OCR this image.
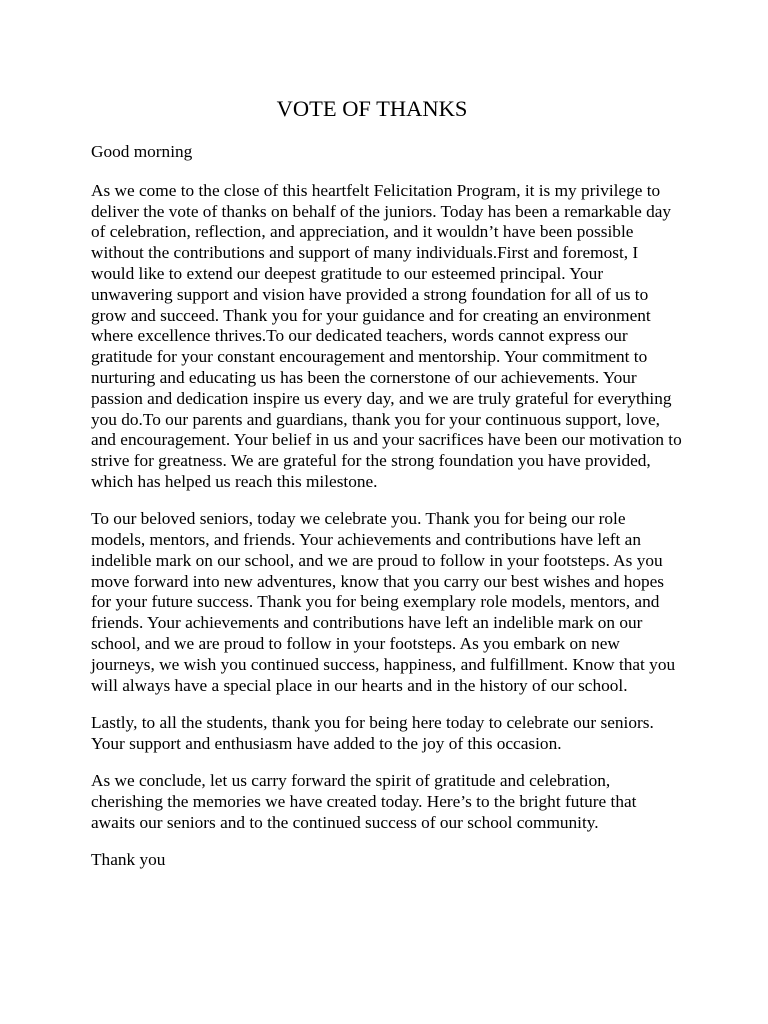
VOTE OF THANKS

Good morning

As we come to the close of this heartfelt Felicitation Program, it is my privilege to deliver the vote of thanks on behalf of the juniors. Today has been a remarkable day of celebration, reflection, and appreciation, and it wouldn’t have been possible without the contributions and support of many individuals.First and foremost, I would like to extend our deepest gratitude to our esteemed principal. Your unwavering support and vision have provided a strong foundation for all of us to grow and succeed. Thank you for your guidance and for creating an environment where excellence thrives.To our dedicated teachers, words cannot express our gratitude for your constant encouragement and mentorship. Your commitment to nurturing and educating us has been the cornerstone of our achievements. Your passion and dedication inspire us every day, and we are truly grateful for everything you do.To our parents and guardians, thank you for your continuous support, love, and encouragement. Your belief in us and your sacrifices have been our motivation to strive for greatness. We are grateful for the strong foundation you have provided, which has helped us reach this milestone.

To our beloved seniors, today we celebrate you. Thank you for being our role models, mentors, and friends. Your achievements and contributions have left an indelible mark on our school, and we are proud to follow in your footsteps. As you move forward into new adventures, know that you carry our best wishes and hopes for your future success. Thank you for being exemplary role models, mentors, and friends. Your achievements and contributions have left an indelible mark on our school, and we are proud to follow in your footsteps. As you embark on new journeys, we wish you continued success, happiness, and fulfillment. Know that you will always have a special place in our hearts and in the history of our school.

Lastly, to all the students, thank you for being here today to celebrate our seniors. Your support and enthusiasm have added to the joy of this occasion.

As we conclude, let us carry forward the spirit of gratitude and celebration, cherishing the memories we have created today. Here’s to the bright future that awaits our seniors and to the continued success of our school community.

Thank you
